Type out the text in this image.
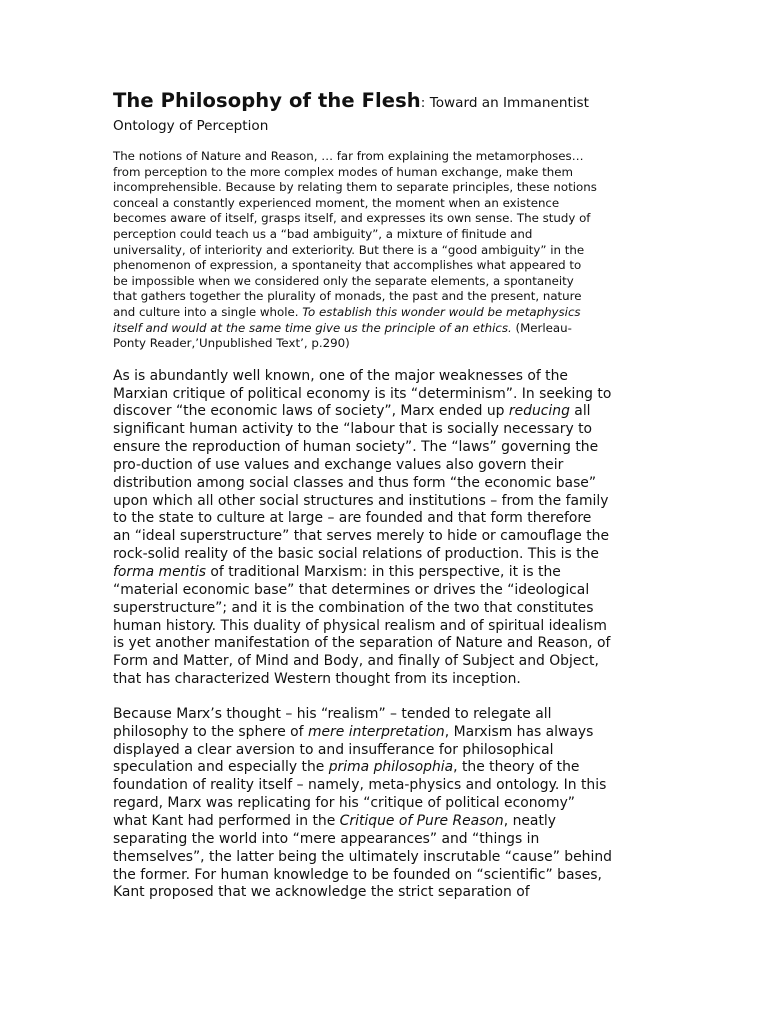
The Philosophy of the Flesh: Toward an Immanentist
Ontology of Perception
The notions of Nature and Reason, … far from explaining the metamorphoses…
from perception to the more complex modes of human exchange, make them
incomprehensible. Because by relating them to separate principles, these notions
conceal a constantly experienced moment, the moment when an existence
becomes aware of itself, grasps itself, and expresses its own sense. The study of
perception could teach us a “bad ambiguity”, a mixture of finitude and
universality, of interiority and exteriority. But there is a “good ambiguity” in the
phenomenon of expression, a spontaneity that accomplishes what appeared to
be impossible when we considered only the separate elements, a spontaneity
that gathers together the plurality of monads, the past and the present, nature
and culture into a single whole. To establish this wonder would be metaphysics
itself and would at the same time give us the principle of an ethics. (Merleau-
Ponty Reader,’Unpublished Text’, p.290)
As is abundantly well known, one of the major weaknesses of the
Marxian critique of political economy is its “determinism”. In seeking to
discover “the economic laws of society”, Marx ended up reducing all
significant human activity to the “labour that is socially necessary to
ensure the reproduction of human society”. The “laws” governing the
pro-duction of use values and exchange values also govern their
distribution among social classes and thus form “the economic base”
upon which all other social structures and institutions – from the family
to the state to culture at large – are founded and that form therefore
an “ideal superstructure” that serves merely to hide or camouflage the
rock-solid reality of the basic social relations of production. This is the
forma mentis of traditional Marxism: in this perspective, it is the
“material economic base” that determines or drives the “ideological
superstructure”; and it is the combination of the two that constitutes
human history. This duality of physical realism and of spiritual idealism
is yet another manifestation of the separation of Nature and Reason, of
Form and Matter, of Mind and Body, and finally of Subject and Object,
that has characterized Western thought from its inception.
Because Marx’s thought – his “realism” – tended to relegate all
philosophy to the sphere of mere interpretation, Marxism has always
displayed a clear aversion to and insufferance for philosophical
speculation and especially the prima philosophia, the theory of the
foundation of reality itself – namely, meta-physics and ontology. In this
regard, Marx was replicating for his “critique of political economy”
what Kant had performed in the Critique of Pure Reason, neatly
separating the world into “mere appearances” and “things in
themselves”, the latter being the ultimately inscrutable “cause” behind
the former. For human knowledge to be founded on “scientific” bases,
Kant proposed that we acknowledge the strict separation of
